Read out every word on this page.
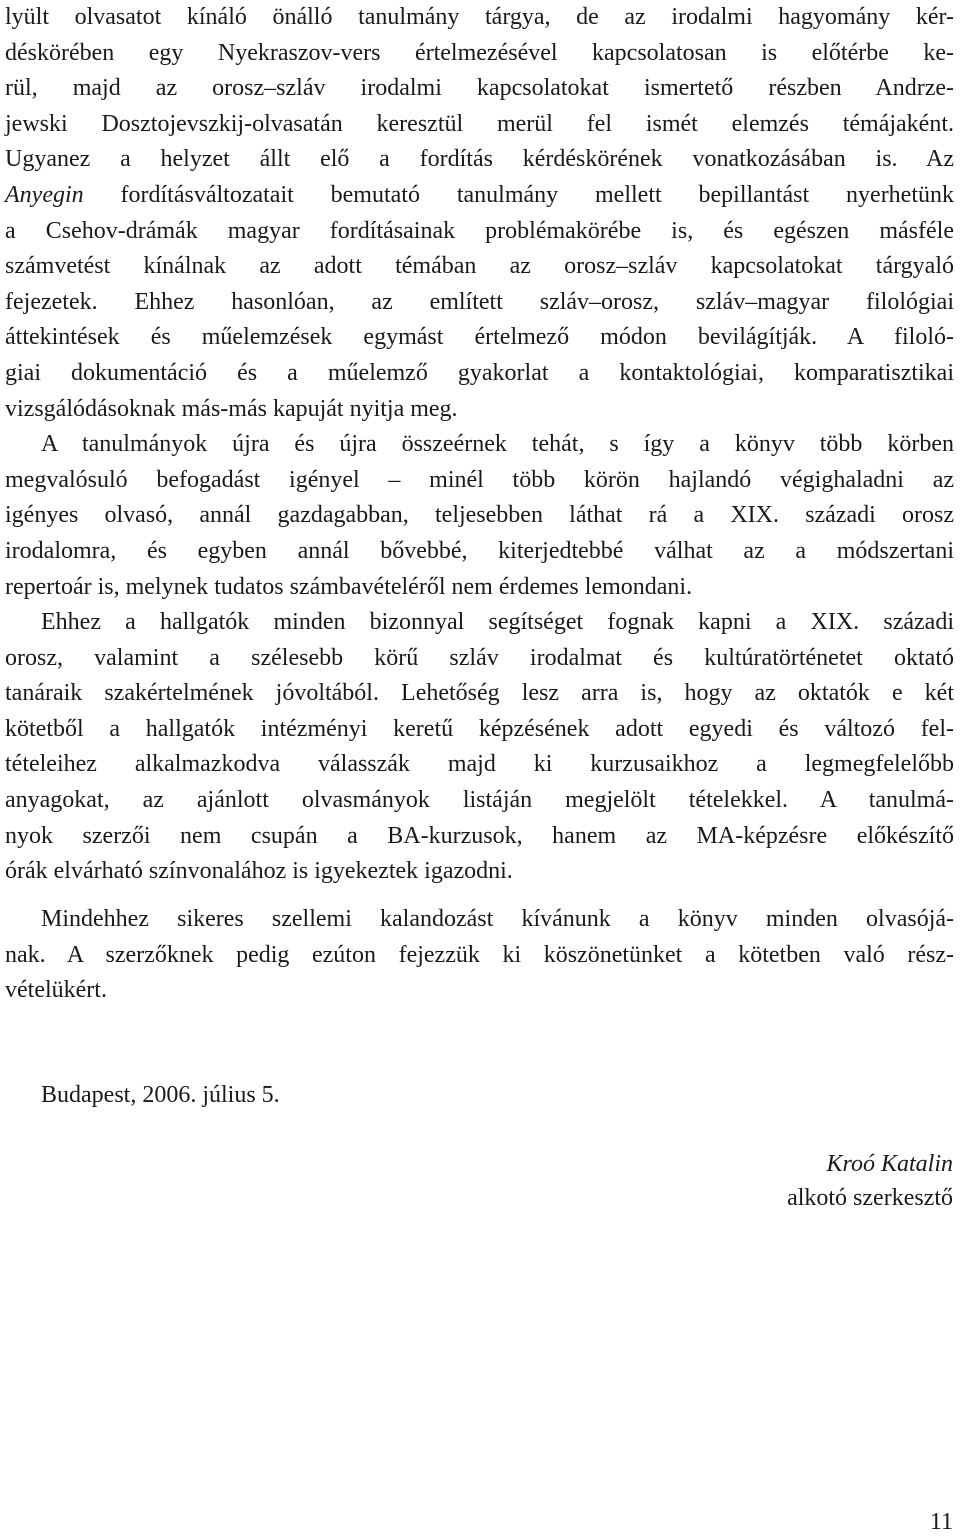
lyült olvasatot kínáló önálló tanulmány tárgya, de az irodalmi hagyomány kér-
déskörében egy Nyekraszov-vers értelmezésével kapcsolatosan is előtérbe ke-
rül, majd az orosz–szláv irodalmi kapcsolatokat ismertető részben Andrze-
jewski Dosztojevszkij-olvasatán keresztül merül fel ismét elemzés témájaként.
Ugyanez a helyzet állt elő a fordítás kérdéskörének vonatkozásában is. Az
Anyegin fordításváltozatait bemutató tanulmány mellett bepillantást nyerhetünk
a Csehov-drámák magyar fordításainak problémakörébe is, és egészen másféle
számvetést kínálnak az adott témában az orosz–szláv kapcsolatokat tárgyaló
fejezetek. Ehhez hasonlóan, az említett szláv–orosz, szláv–magyar filológiai
áttekintések és műelemzések egymást értelmező módon bevilágítják. A filoló-
giai dokumentáció és a műelemző gyakorlat a kontaktológiai, komparatisztikai
vizsgálódásoknak más-más kapuját nyitja meg.

A tanulmányok újra és újra összeérnek tehát, s így a könyv több körben
megvalósuló befogadást igényel – minél több körön hajlandó végighaladni az
igényes olvasó, annál gazdagabban, teljesebben láthat rá a XIX. századi orosz
irodalomra, és egyben annál bővebbé, kiterjedtebbé válhat az a módszertani
repertoár is, melynek tudatos számbavételéről nem érdemes lemondani.

Ehhez a hallgatók minden bizonnyal segítséget fognak kapni a XIX. századi
orosz, valamint a szélesebb körű szláv irodalmat és kultúratörténetet oktató
tanáraik szakértelmének jóvoltából. Lehetőség lesz arra is, hogy az oktatók e két
kötetből a hallgatók intézményi keretű képzésének adott egyedi és változó fel-
tételeihez alkalmazkodva válasszák majd ki kurzusaikhoz a legmegfelelőbb
anyagokat, az ajánlott olvasmányok listáján megjelölt tételekkel. A tanulmá-
nyok szerzői nem csupán a BA-kurzusok, hanem az MA-képzésre előkészítő
órák elvárható színvonalához is igyekeztek igazodni.

Mindehhez sikeres szellemi kalandozást kívánunk a könyv minden olvasójá-
nak. A szerzőknek pedig ezúton fejezzük ki köszönetünket a kötetben való rész-
vételükért.

Budapest, 2006. július 5.
Kroó Katalin
alkotó szerkesztő
11
